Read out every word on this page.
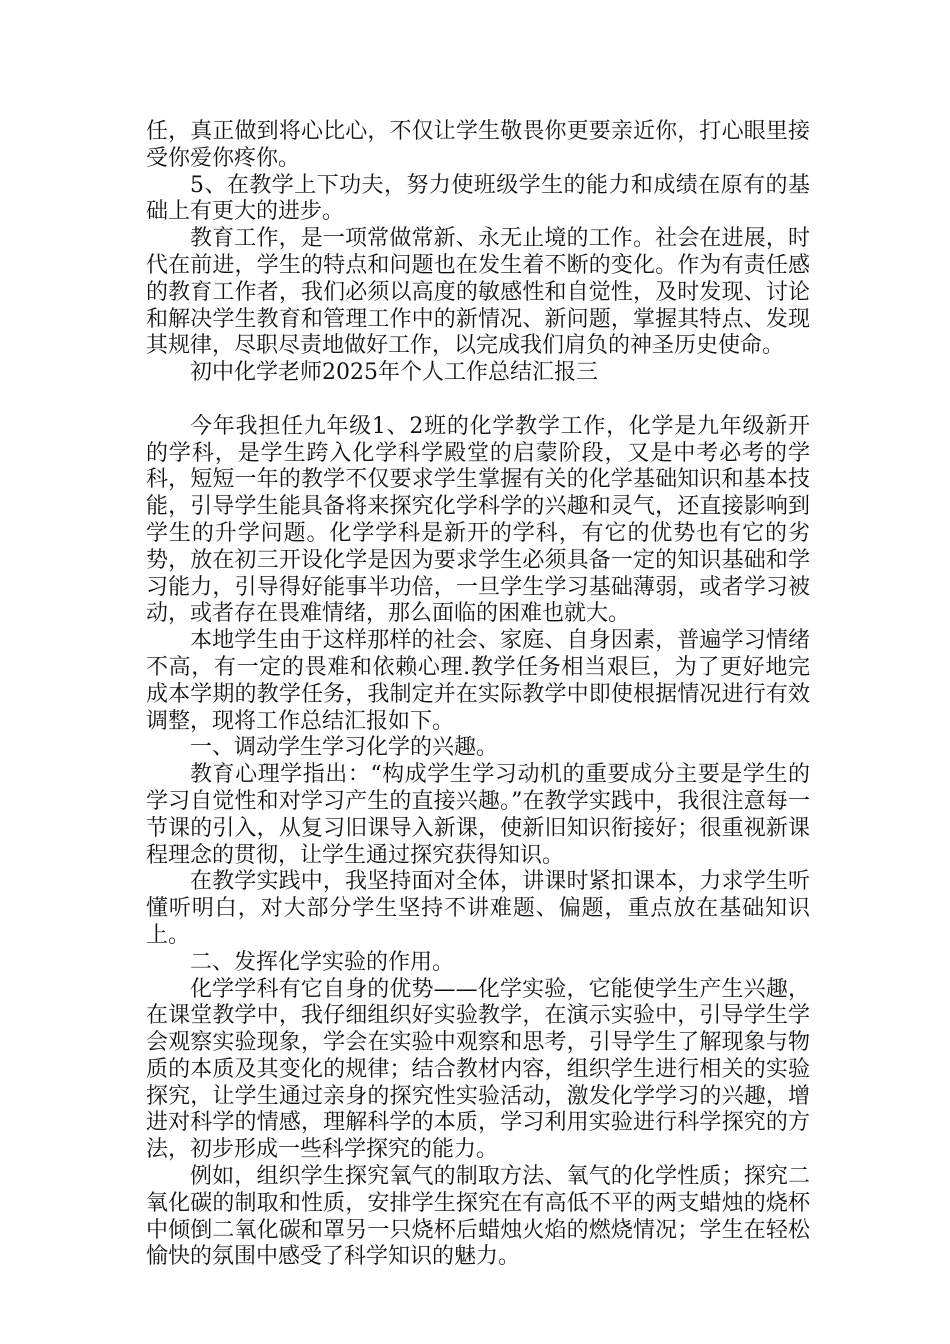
任，真正做到将心比心，不仅让学生敬畏你更要亲近你，打心眼里接受你爱你疼你。

5、在教学上下功夫，努力使班级学生的能力和成绩在原有的基础上有更大的进步。

教育工作，是一项常做常新、永无止境的工作。社会在进展，时代在前进，学生的特点和问题也在发生着不断的变化。作为有责任感的教育工作者，我们必须以高度的敏感性和自觉性，及时发现、讨论和解决学生教育和管理工作中的新情况、新问题，掌握其特点、发现其规律，尽职尽责地做好工作，以完成我们肩负的神圣历史使命。

初中化学老师2025年个人工作总结汇报三

今年我担任九年级1、2班的化学教学工作，化学是九年级新开的学科，是学生跨入化学科学殿堂的启蒙阶段，又是中考必考的学科，短短一年的教学不仅要求学生掌握有关的化学基础知识和基本技能，引导学生能具备将来探究化学科学的兴趣和灵气，还直接影响到学生的升学问题。化学学科是新开的学科，有它的优势也有它的劣势，放在初三开设化学是因为要求学生必须具备一定的知识基础和学习能力，引导得好能事半功倍，一旦学生学习基础薄弱，或者学习被动，或者存在畏难情绪，那么面临的困难也就大。

本地学生由于这样那样的社会、家庭、自身因素，普遍学习情绪不高，有一定的畏难和依赖心理.教学任务相当艰巨，为了更好地完成本学期的教学任务，我制定并在实际教学中即使根据情况进行有效调整，现将工作总结汇报如下。

一、调动学生学习化学的兴趣。

教育心理学指出：“构成学生学习动机的重要成分主要是学生的学习自觉性和对学习产生的直接兴趣。”在教学实践中，我很注意每一节课的引入，从复习旧课导入新课，使新旧知识衔接好；很重视新课程理念的贯彻，让学生通过探究获得知识。

在教学实践中，我坚持面对全体，讲课时紧扣课本，力求学生听懂听明白，对大部分学生坚持不讲难题、偏题，重点放在基础知识上。

二、发挥化学实验的作用。

化学学科有它自身的优势——化学实验，它能使学生产生兴趣，在课堂教学中，我仔细组织好实验教学，在演示实验中，引导学生学会观察实验现象，学会在实验中观察和思考，引导学生了解现象与物质的本质及其变化的规律；结合教材内容，组织学生进行相关的实验探究，让学生通过亲身的探究性实验活动，激发化学学习的兴趣，增进对科学的情感，理解科学的本质，学习利用实验进行科学探究的方法，初步形成一些科学探究的能力。

例如，组织学生探究氧气的制取方法、氧气的化学性质；探究二氧化碳的制取和性质，安排学生探究在有高低不平的两支蜡烛的烧杯中倾倒二氧化碳和罩另一只烧杯后蜡烛火焰的燃烧情况；学生在轻松愉快的氛围中感受了科学知识的魅力。
